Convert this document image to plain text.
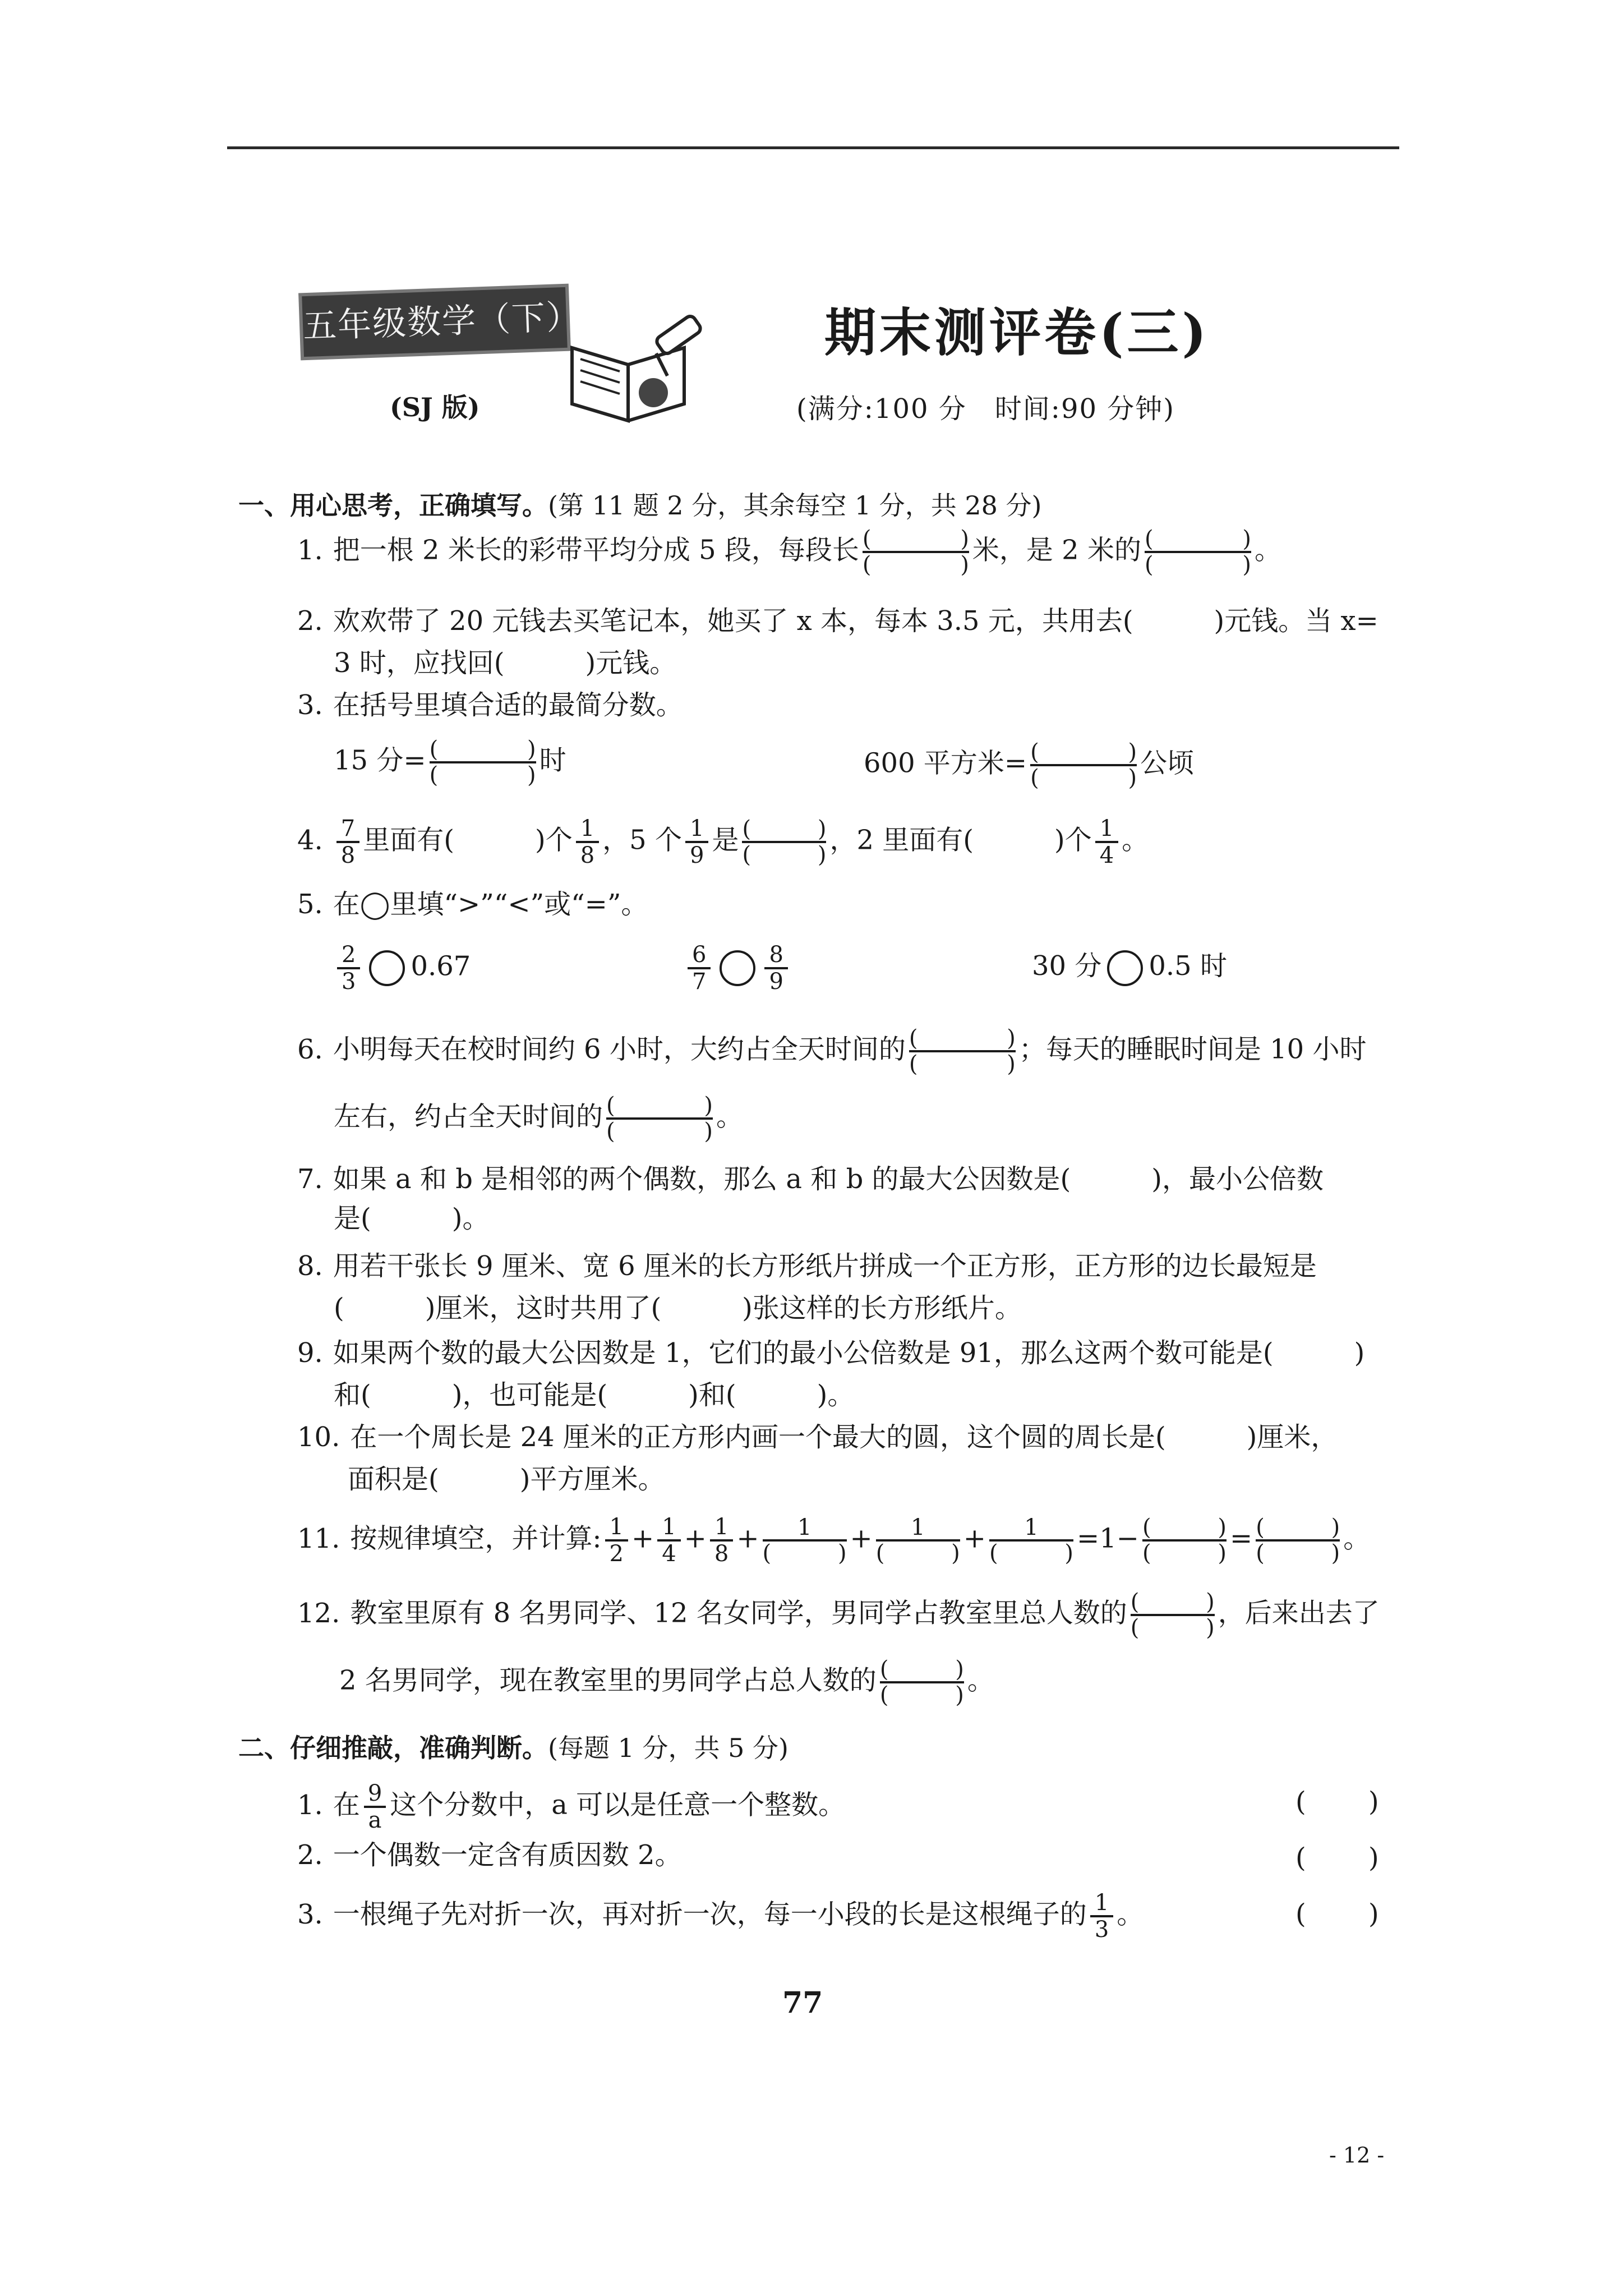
五年级数学（下）
(SJ 版)
期末测评卷(三)
(满分:100 分　时间:90 分钟)
一、用心思考，正确填写。(第 11 题 2 分，其余每空 1 分，共 28 分)
1. 把一根 2 米长的彩带平均分成 5 段，每段长 (	)
(	) 米，是 2 米的 (	)
(	) 。
2. 欢欢带了 20 元钱去买笔记本，她买了 x 本，每本 3.5 元，共用去(　　　)元钱。当 x=
3 时，应找回(　　　)元钱。
3. 在括号里填合适的最简分数。
15 分= (	)
(	) 时	600 平方米= (	)
(	) 公顷
4. $\frac{7}{8}$ 里面有(　　　)个 $\frac{1}{8}$ ，5 个 $\frac{1}{9}$ 是 (	)
(	) ，2 里面有(　　　)个 $\frac{1}{4}$ 。
5. 在◯里填“>”“<”或“=”。
$\frac{2}{3} 0.67$	$\frac{6}{7} \frac{8}{9}$	30 分 0.5 时
6. 小明每天在校时间约 6 小时，大约占全天时间的 (	)
(	) ；每天的睡眠时间是 10 小时
左右，约占全天时间的 (	)
(	) 。
7. 如果 a 和 b 是相邻的两个偶数，那么 a 和 b 的最大公因数是(　　　)，最小公倍数
是(　　　)。
8. 用若干张长 9 厘米、宽 6 厘米的长方形纸片拼成一个正方形，正方形的边长最短是
(　　　)厘米，这时共用了(　　　)张这样的长方形纸片。
9. 如果两个数的最大公因数是 1，它们的最小公倍数是 91，那么这两个数可能是(　　　)
和(　　　)，也可能是(　　　)和(　　　)。
10. 在一个周长是 24 厘米的正方形内画一个最大的圆，这个圆的周长是(　　　)厘米，
面积是(　　　)平方厘米。
11. 按规律填空，并计算: $\frac{1}{2} + \frac{1}{4} + \frac{1}{8} + 1$
(	) + 1
(	) + 1
(	) =1− (	)
(	) = (	)
(	) 。
12. 教室里原有 8 名男同学、12 名女同学，男同学占教室里总人数的 (	)
(	) ，后来出去了
2 名男同学，现在教室里的男同学占总人数的 (	)
(	) 。
二、仔细推敲，准确判断。(每题 1 分，共 5 分)
1. 在 $\frac{9}{a}$ 这个分数中，a 可以是任意一个整数。	( )
2. 一个偶数一定含有质因数 2。	( )
3. 一根绳子先对折一次，再对折一次，每一小段的长是这根绳子的 $\frac{1}{3}$ 。	( )
77
- 12 -
